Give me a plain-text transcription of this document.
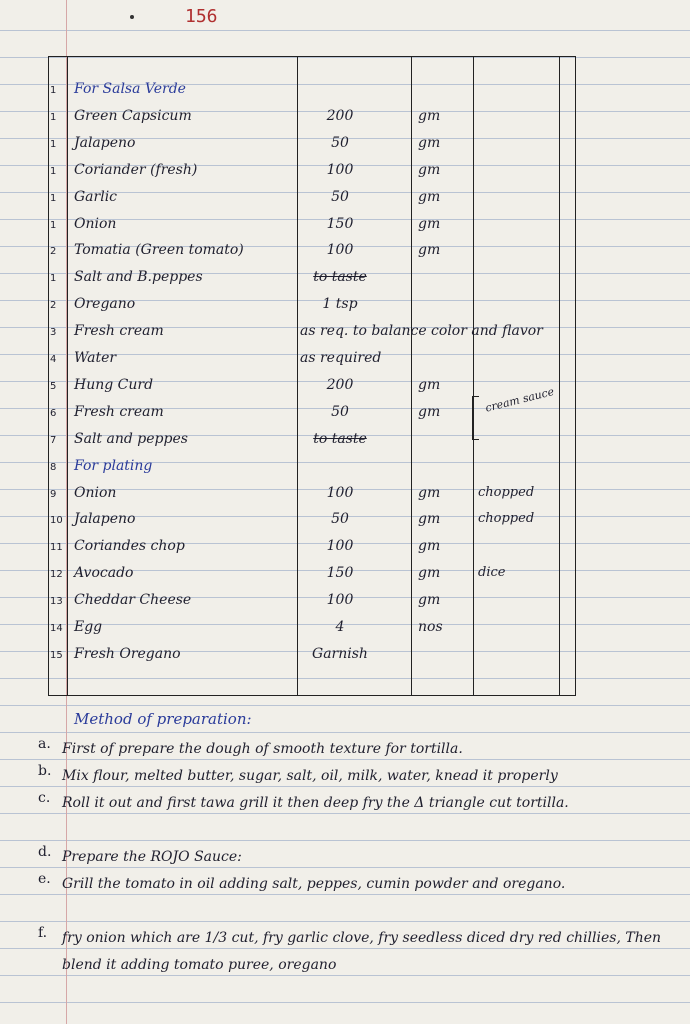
156
1	For Salsa Verde
1	Green Capsicum	200	gm
1	Jalapeno	50	gm
1	Coriander (fresh)	100	gm
1	Garlic	50	gm
1	Onion	150	gm
2	Tomatia (Green tomato)	100	gm
1	Salt and B.peppes	to taste
2	Oregano	1 tsp
3	Fresh cream	as req. to balance color and flavor
4	Water	as required
5	Hung Curd	200	gm
6	Fresh cream	50	gm
7	Salt and peppes	to taste
8	For plating
9	Onion	100	gm	chopped
10 Jalapeno	50	gm	chopped
11 Coriandes chop	100	gm
12 Avocado	150	gm	dice
13 Cheddar Cheese	100	gm
14 Egg	4	nos
15 Fresh Oregano	Garnish
cream sauce
Method of preparation:
a. First of prepare the dough of smooth texture for tortilla.
b. Mix flour, melted butter, sugar, salt, oil, milk, water, knead it properly
c. Roll it out and first tawa grill it then deep fry the Δ triangle cut tortilla.
d. Prepare the ROJO Sauce:
e. Grill the tomato in oil adding salt, peppes, cumin powder and oregano.
f. fry onion which are 1/3 cut, fry garlic clove, fry seedless diced dry red chillies, Then blend it adding tomato puree, oregano
